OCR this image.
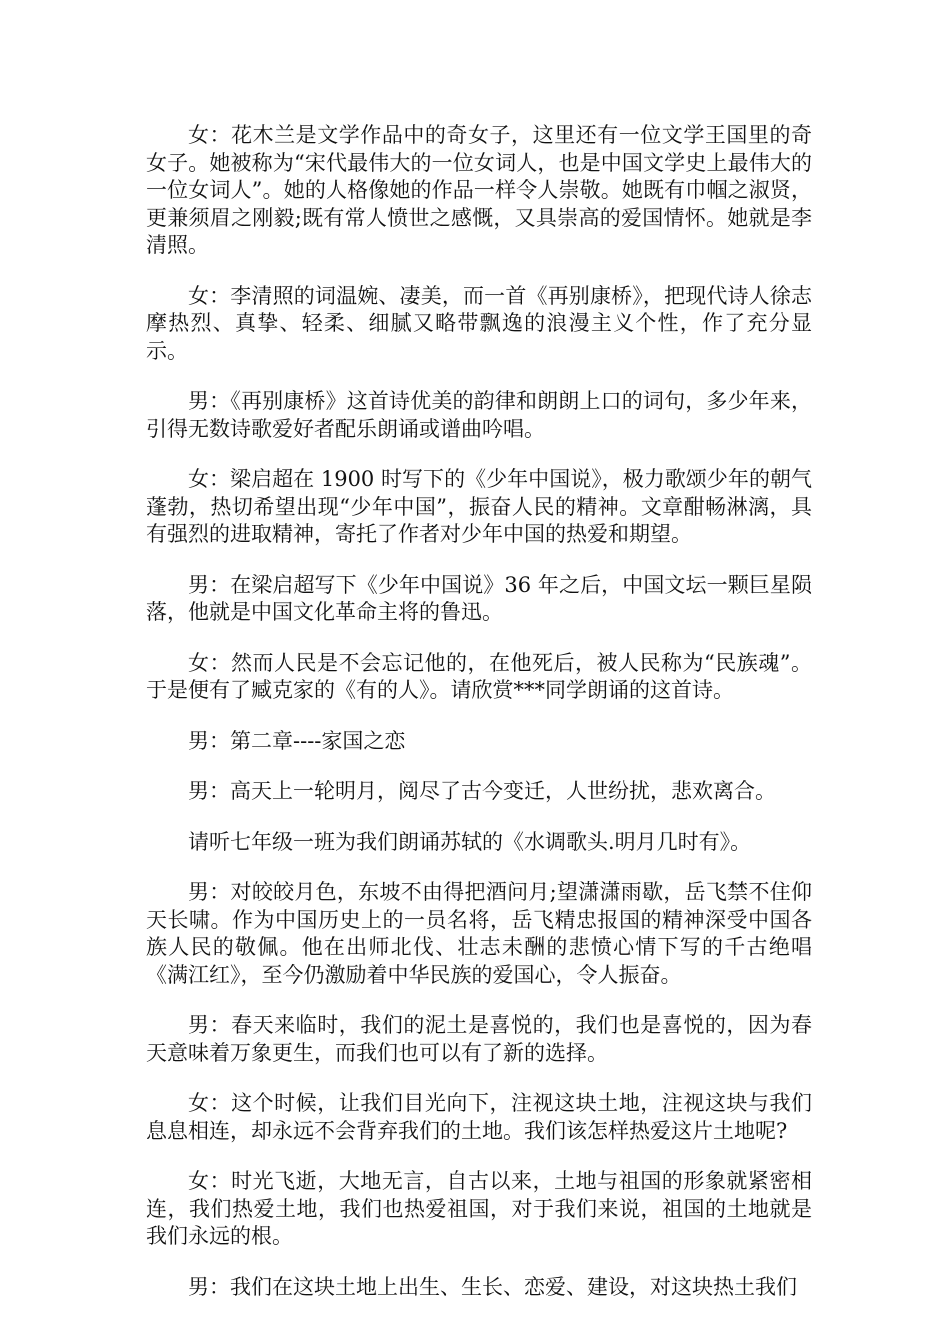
女：花木兰是文学作品中的奇女子，这里还有一位文学王国里的奇女子。她被称为“宋代最伟大的一位女词人，也是中国文学史上最伟大的一位女词人”。她的人格像她的作品一样令人崇敬。她既有巾帼之淑贤，更兼须眉之刚毅;既有常人愤世之感慨，又具崇高的爱国情怀。她就是李清照。

女：李清照的词温婉、凄美，而一首《再别康桥》，把现代诗人徐志摩热烈、真挚、轻柔、细腻又略带飘逸的浪漫主义个性，作了充分显示。

男：《再别康桥》这首诗优美的韵律和朗朗上口的词句，多少年来，引得无数诗歌爱好者配乐朗诵或谱曲吟唱。

女：梁启超在 1900 时写下的《少年中国说》，极力歌颂少年的朝气蓬勃，热切希望出现“少年中国”，振奋人民的精神。文章酣畅淋漓，具有强烈的进取精神，寄托了作者对少年中国的热爱和期望。

男：在梁启超写下《少年中国说》36 年之后，中国文坛一颗巨星陨落，他就是中国文化革命主将的鲁迅。

女：然而人民是不会忘记他的，在他死后，被人民称为“民族魂”。于是便有了臧克家的《有的人》。请欣赏***同学朗诵的这首诗。

男：第二章----家国之恋

男：高天上一轮明月，阅尽了古今变迁，人世纷扰，悲欢离合。

请听七年级一班为我们朗诵苏轼的《水调歌头.明月几时有》。

男：对皎皎月色，东坡不由得把酒问月;望潇潇雨歇，岳飞禁不住仰天长啸。作为中国历史上的一员名将，岳飞精忠报国的精神深受中国各族人民的敬佩。他在出师北伐、壮志未酬的悲愤心情下写的千古绝唱《满江红》，至今仍激励着中华民族的爱国心，令人振奋。

男：春天来临时，我们的泥土是喜悦的，我们也是喜悦的，因为春天意味着万象更生，而我们也可以有了新的选择。

女：这个时候，让我们目光向下，注视这块土地，注视这块与我们息息相连，却永远不会背弃我们的土地。我们该怎样热爱这片土地呢?

女：时光飞逝，大地无言，自古以来，土地与祖国的形象就紧密相连，我们热爱土地，我们也热爱祖国，对于我们来说，祖国的土地就是我们永远的根。

男：我们在这块土地上出生、生长、恋爱、建设，对这块热土我们
